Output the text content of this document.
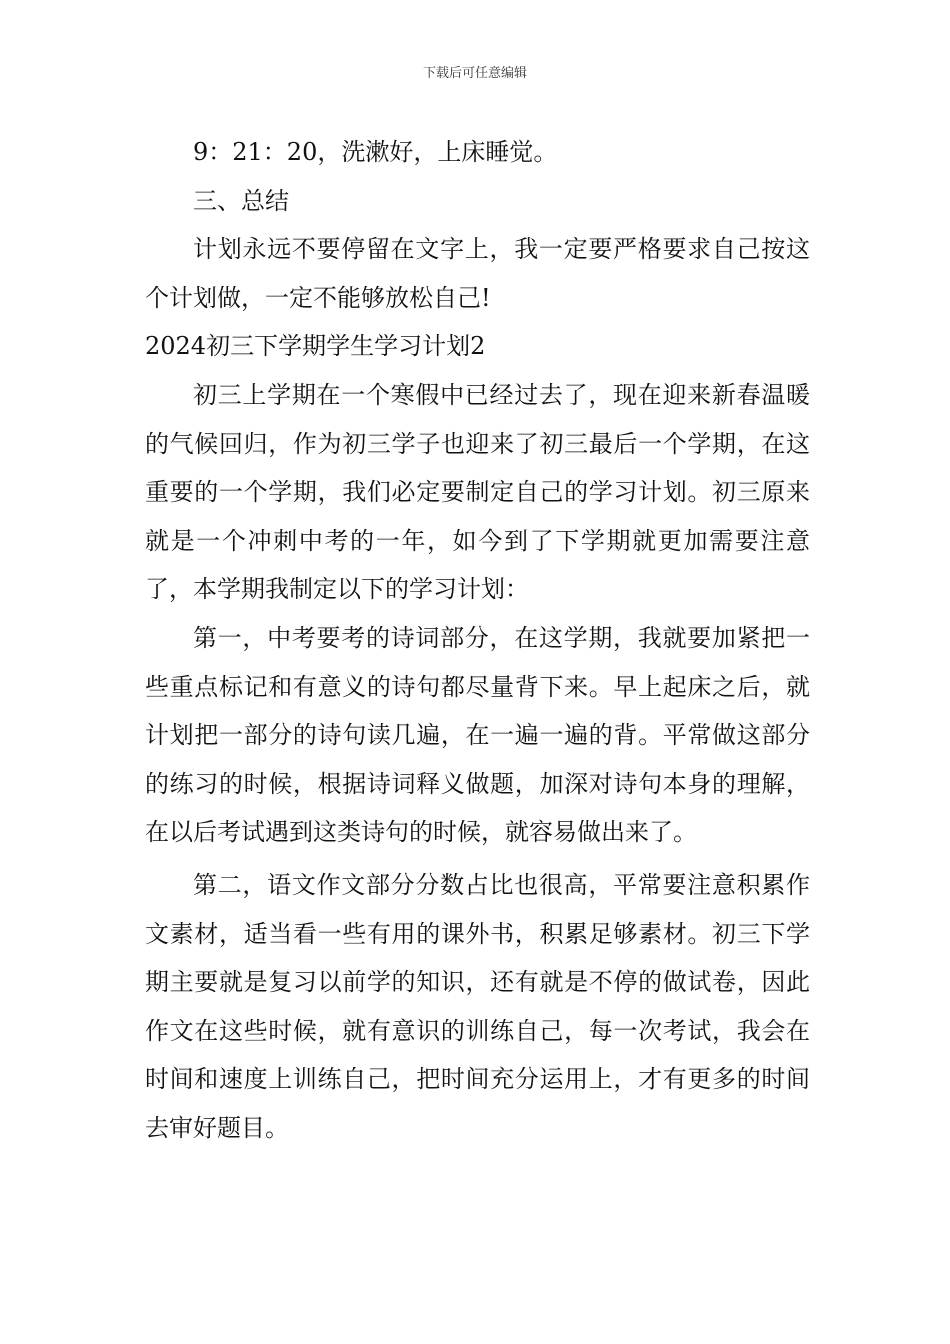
下载后可任意编辑

9：21：20，洗漱好，上床睡觉。

三、总结

计划永远不要停留在文字上，我一定要严格要求自己按这个计划做，一定不能够放松自己!

2024初三下学期学生学习计划2

初三上学期在一个寒假中已经过去了，现在迎来新春温暖的气候回归，作为初三学子也迎来了初三最后一个学期，在这重要的一个学期，我们必定要制定自己的学习计划。初三原来就是一个冲刺中考的一年，如今到了下学期就更加需要注意了，本学期我制定以下的学习计划：

第一，中考要考的诗词部分，在这学期，我就要加紧把一些重点标记和有意义的诗句都尽量背下来。早上起床之后，就计划把一部分的诗句读几遍，在一遍一遍的背。平常做这部分的练习的时候，根据诗词释义做题，加深对诗句本身的理解，在以后考试遇到这类诗句的时候，就容易做出来了。

第二，语文作文部分分数占比也很高，平常要注意积累作文素材，适当看一些有用的课外书，积累足够素材。初三下学期主要就是复习以前学的知识，还有就是不停的做试卷，因此作文在这些时候，就有意识的训练自己，每一次考试，我会在时间和速度上训练自己，把时间充分运用上，才有更多的时间去审好题目。
